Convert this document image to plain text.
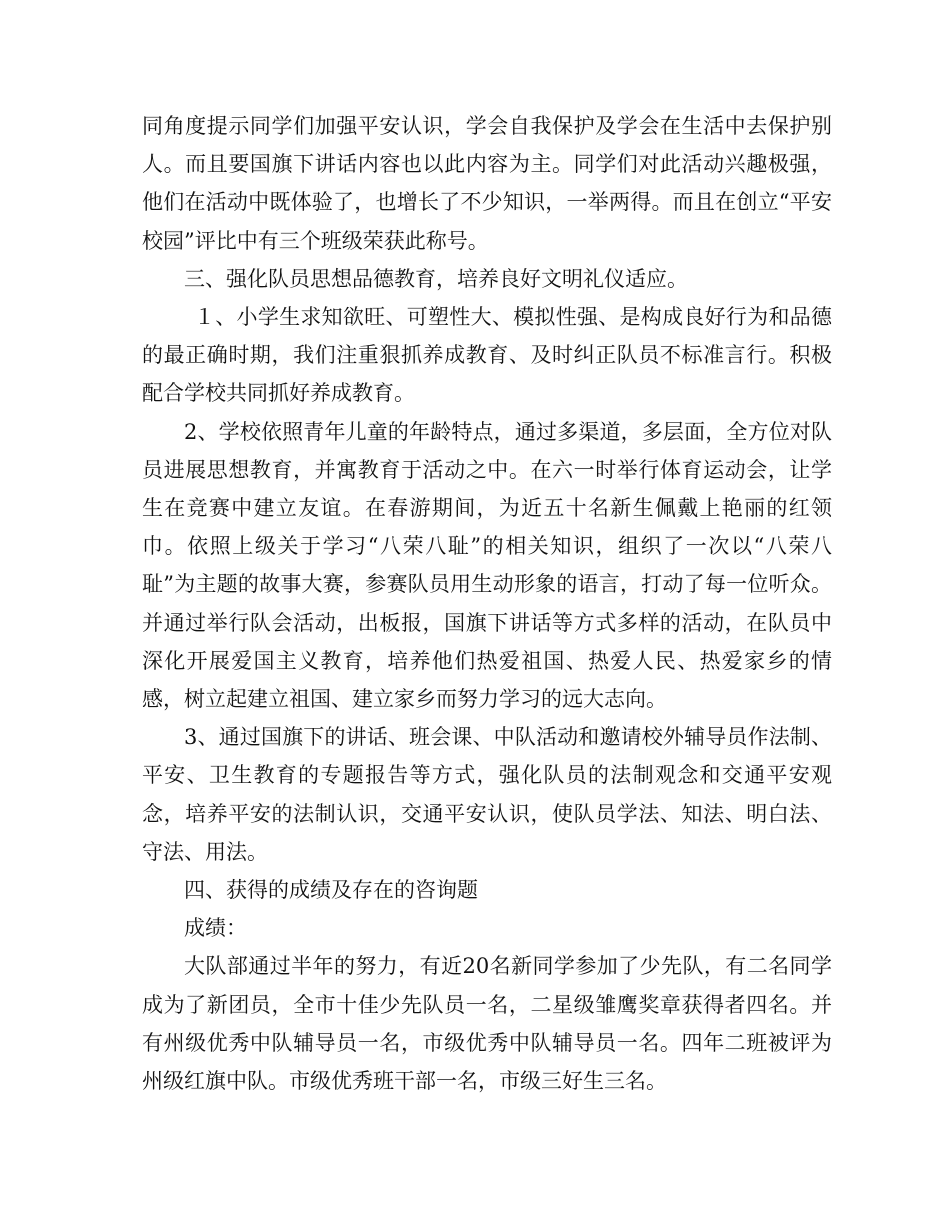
同角度提示同学们加强平安认识，学会自我保护及学会在生活中去保护别人。而且要国旗下讲话内容也以此内容为主。同学们对此活动兴趣极强，他们在活动中既体验了，也增长了不少知识，一举两得。而且在创立“平安校园”评比中有三个班级荣获此称号。

三、强化队员思想品德教育，培养良好文明礼仪适应。

１、小学生求知欲旺、可塑性大、模拟性强、是构成良好行为和品德的最正确时期，我们注重狠抓养成教育、及时纠正队员不标准言行。积极配合学校共同抓好养成教育。

2、学校依照青年儿童的年龄特点，通过多渠道，多层面，全方位对队员进展思想教育，并寓教育于活动之中。在六一时举行体育运动会，让学生在竞赛中建立友谊。在春游期间，为近五十名新生佩戴上艳丽的红领巾。依照上级关于学习“八荣八耻”的相关知识，组织了一次以“八荣八耻”为主题的故事大赛，参赛队员用生动形象的语言，打动了每一位听众。并通过举行队会活动，出板报，国旗下讲话等方式多样的活动，在队员中深化开展爱国主义教育，培养他们热爱祖国、热爱人民、热爱家乡的情感，树立起建立祖国、建立家乡而努力学习的远大志向。

3、通过国旗下的讲话、班会课、中队活动和邀请校外辅导员作法制、平安、卫生教育的专题报告等方式，强化队员的法制观念和交通平安观念，培养平安的法制认识，交通平安认识，使队员学法、知法、明白法、守法、用法。

四、获得的成绩及存在的咨询题

成绩：

大队部通过半年的努力，有近20名新同学参加了少先队，有二名同学成为了新团员，全市十佳少先队员一名，二星级雏鹰奖章获得者四名。并有州级优秀中队辅导员一名，市级优秀中队辅导员一名。四年二班被评为州级红旗中队。市级优秀班干部一名，市级三好生三名。
